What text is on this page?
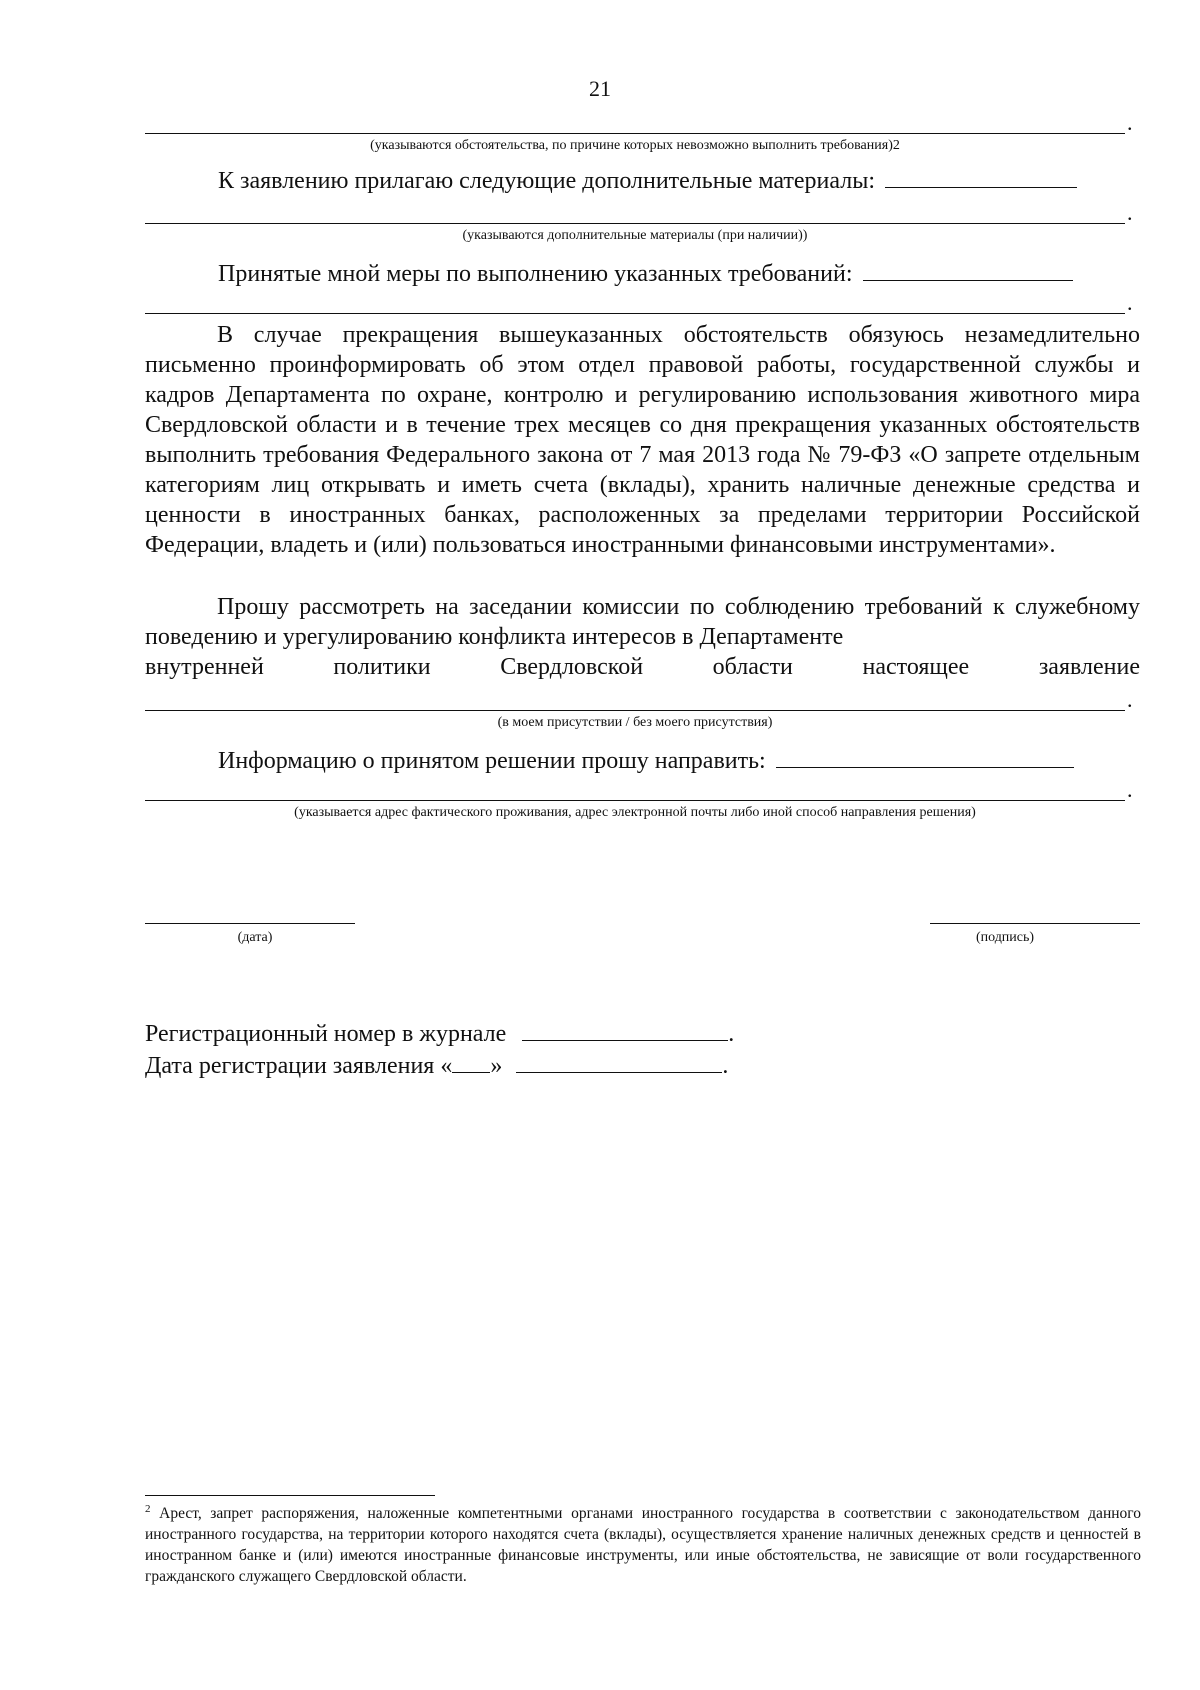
21
.
(указываются обстоятельства, по причине которых невозможно выполнить требования)2
К заявлению прилагаю следующие дополнительные материалы:
.
(указываются дополнительные материалы (при наличии))
Принятые мной меры по выполнению указанных требований:
.

В случае прекращения вышеуказанных обстоятельств обязуюсь незамедлительно письменно проинформировать об этом отдел правовой работы, государственной службы и кадров Департамента по охране, контролю и регулированию использования животного мира Свердловской области и в течение трех месяцев со дня прекращения указанных обстоятельств выполнить требования Федерального закона от 7 мая 2013 года № 79-ФЗ «О запрете отдельным категориям лиц открывать и иметь счета (вклады), хранить наличные денежные средства и ценности в иностранных банках, расположенных за пределами территории Российской Федерации, владеть и (или) пользоваться иностранными финансовыми инструментами».

Прошу рассмотреть на заседании комиссии по соблюдению требований к служебному поведению и урегулированию конфликта интересов в Департаменте

внутренней	политики	Свердловской	области	настоящее	заявление
.
(в моем присутствии / без моего присутствия)
Информацию о принятом решении прошу направить:
.
(указывается адрес фактического проживания, адрес электронной почты либо иной способ направления решения)
(дата)	(подпись)
Регистрационный номер в журнале	.
Дата регистрации заявления « »	.
$^2$ Арест, запрет распоряжения, наложенные компетентными органами иностранного государства в соответствии с законодательством данного иностранного государства, на территории которого находятся счета (вклады), осуществляется хранение наличных денежных средств и ценностей в иностранном банке и (или) имеются иностранные финансовые инструменты, или иные обстоятельства, не зависящие от воли государственного гражданского служащего Свердловской области.
